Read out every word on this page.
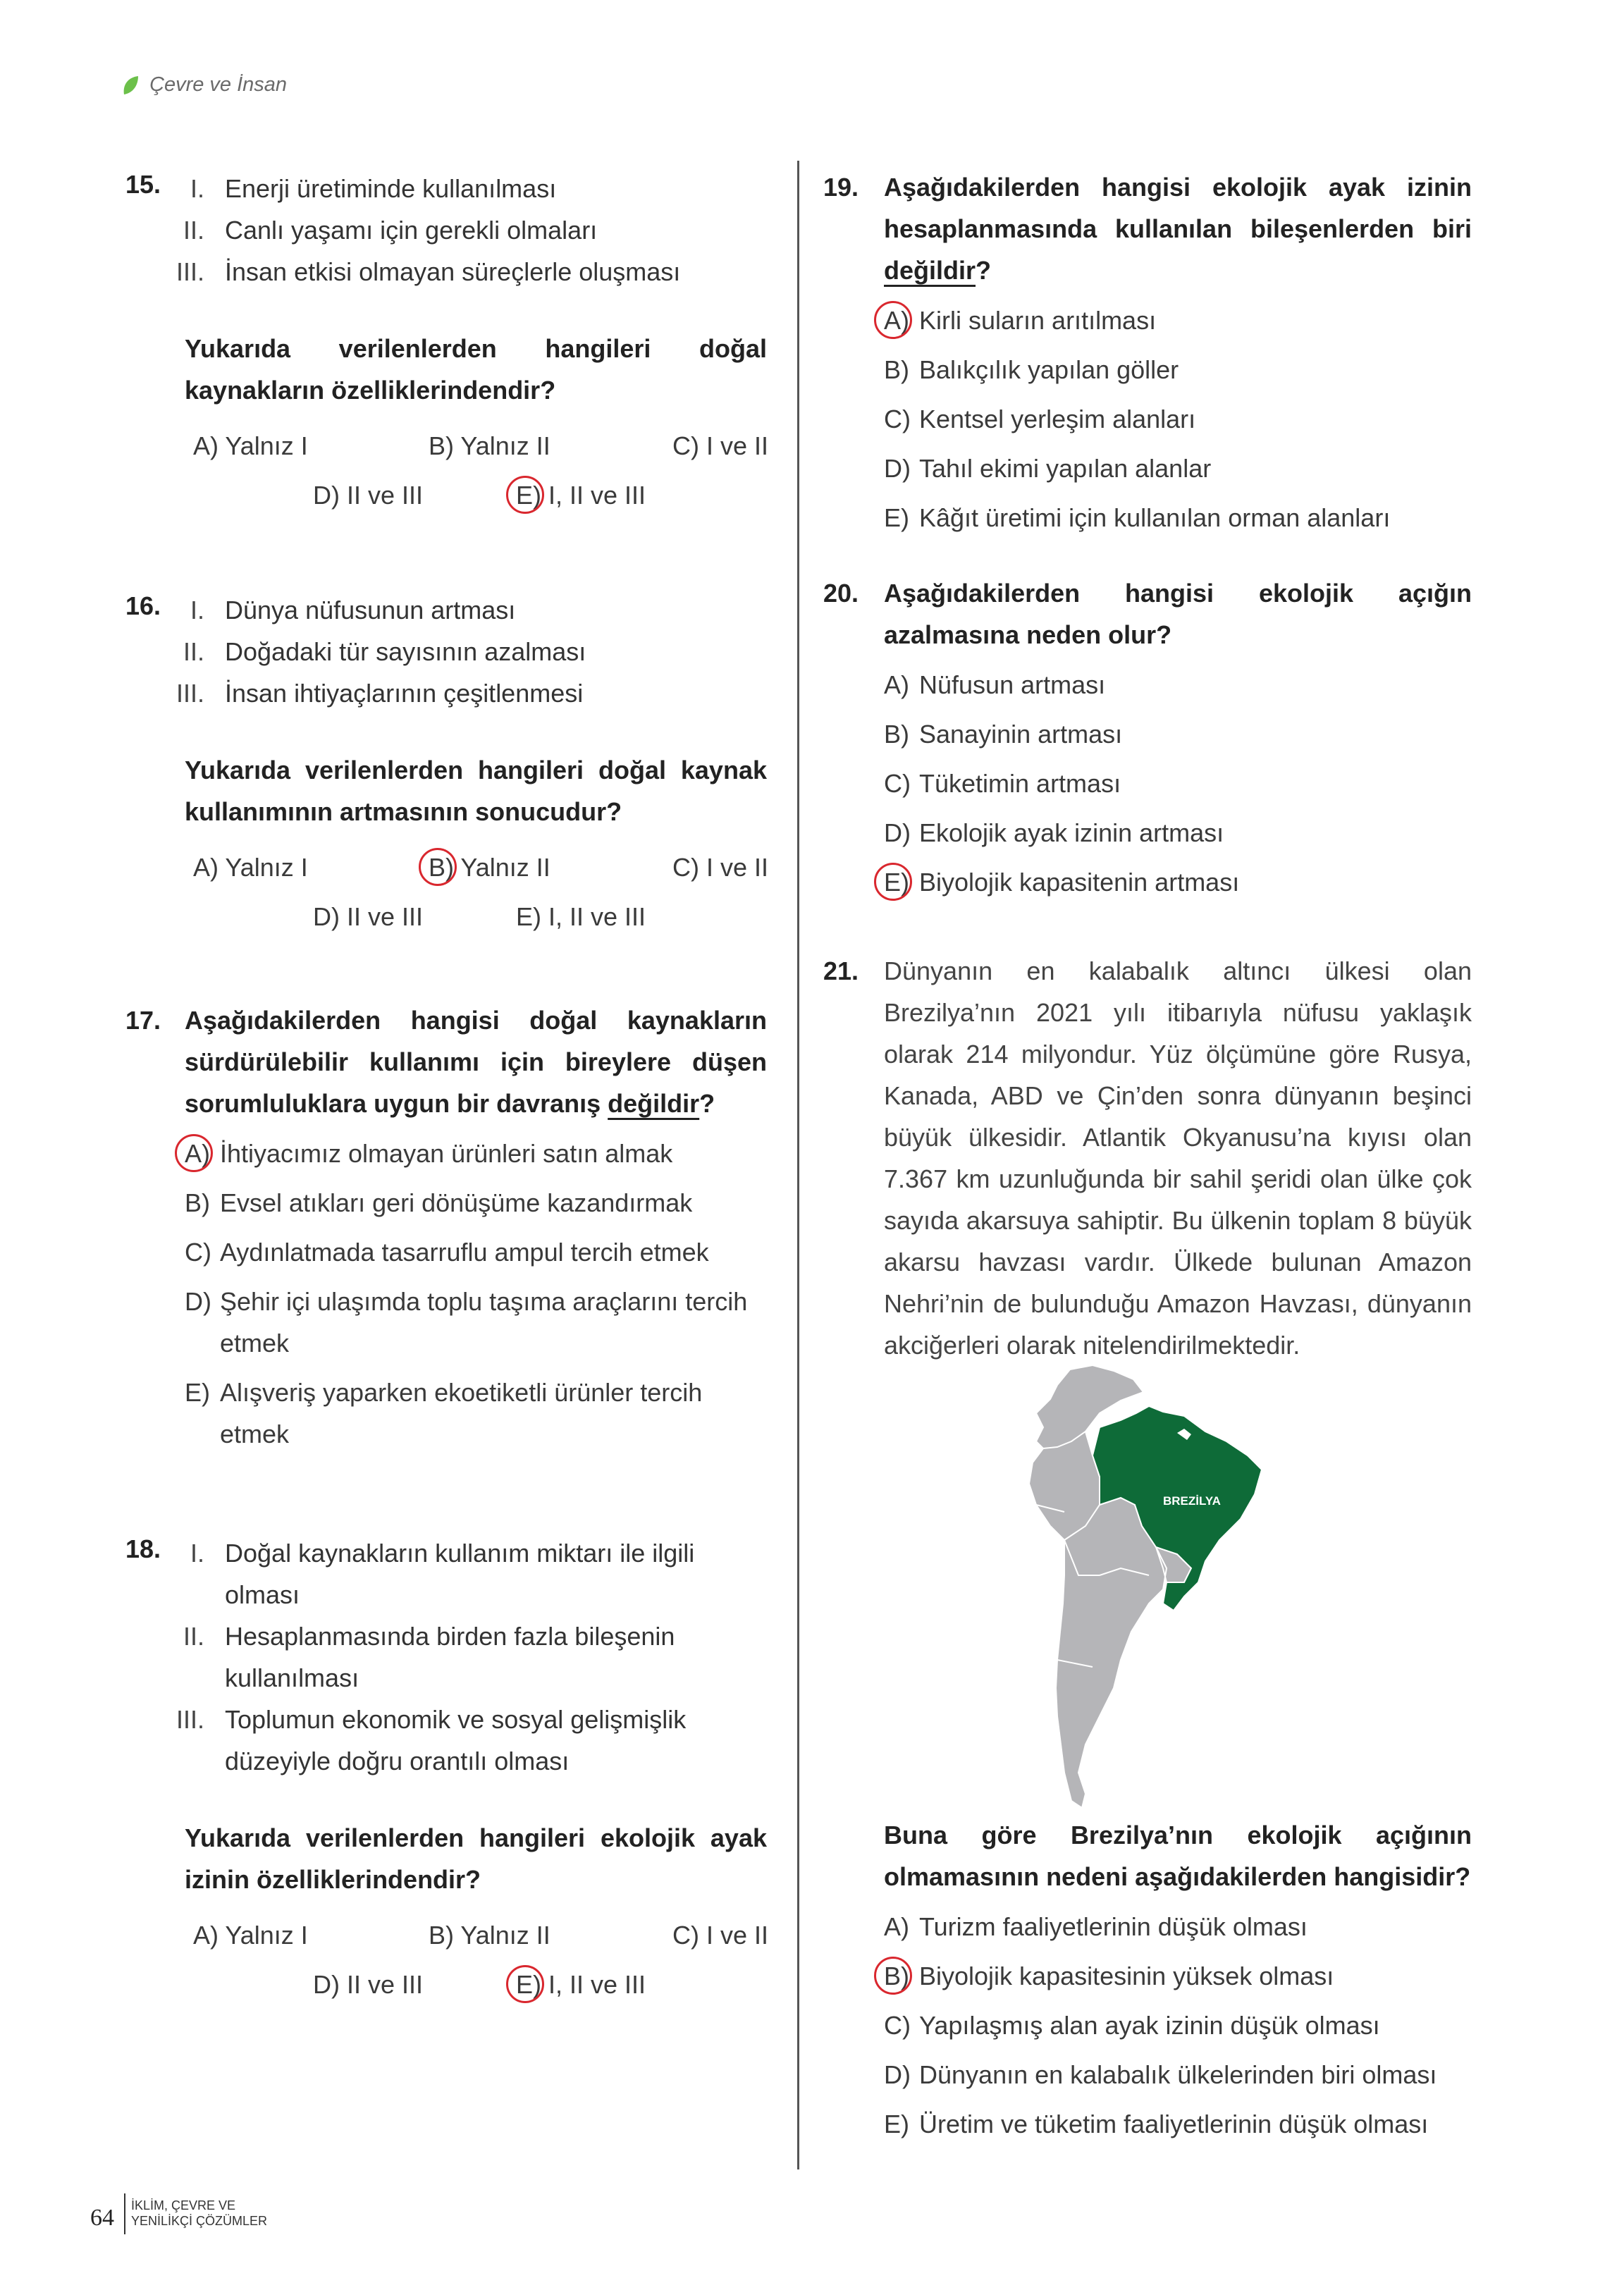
Çevre ve İnsan
15.	I. Enerji üretiminde kullanılması
II. Canlı yaşamı için gerekli olmaları
III. İnsan etkisi olmayan süreçlerle oluşması
Yukarıda verilenlerden hangileri doğal kaynakların özelliklerindendir?
A) Yalnız I	B) Yalnız II	C) I ve II
D) II ve III	E) I, II ve III
16.	I. Dünya nüfusunun artması
II. Doğadaki tür sayısının azalması
III. İnsan ihtiyaçlarının çeşitlenmesi
Yukarıda verilenlerden hangileri doğal kaynak kullanımının artmasının sonucudur?
A) Yalnız I	B) Yalnız II	C) I ve II
D) II ve III	E) I, II ve III
17. Aşağıdakilerden hangisi doğal kaynakların sürdürülebilir kullanımı için bireylere düşen sorumluluklara uygun bir davranış değildir?
A) İhtiyacımız olmayan ürünleri satın almak
B) Evsel atıkları geri dönüşüme kazandırmak
C) Aydınlatmada tasarruflu ampul tercih etmek
D) Şehir içi ulaşımda toplu taşıma araçlarını tercih etmek
E) Alışveriş yaparken ekoetiketli ürünler tercih etmek
18.	I. Doğal kaynakların kullanım miktarı ile ilgili olması
II. Hesaplanmasında birden fazla bileşenin kullanılması
III. Toplumun ekonomik ve sosyal gelişmişlik düzeyiyle doğru orantılı olması
Yukarıda verilenlerden hangileri ekolojik ayak izinin özelliklerindendir?
A) Yalnız I	B) Yalnız II	C) I ve II
D) II ve III	E) I, II ve III
19. Aşağıdakilerden hangisi ekolojik ayak izinin hesaplanmasında kullanılan bileşenlerden biri değildir?
A) Kirli suların arıtılması
B) Balıkçılık yapılan göller
C) Kentsel yerleşim alanları
D) Tahıl ekimi yapılan alanlar
E) Kâğıt üretimi için kullanılan orman alanları
20. Aşağıdakilerden hangisi ekolojik açığın azalmasına neden olur?
A) Nüfusun artması
B) Sanayinin artması
C) Tüketimin artması
D) Ekolojik ayak izinin artması
E) Biyolojik kapasitenin artması
21. Dünyanın en kalabalık altıncı ülkesi olan Brezilya’nın 2021 yılı itibarıyla nüfusu yaklaşık olarak 214 milyondur. Yüz ölçümüne göre Rusya, Kanada, ABD ve Çin’den sonra dünyanın beşinci büyük ülkesidir. Atlantik Okyanusu’na kıyısı olan 7.367 km uzunluğunda bir sahil şeridi olan ülke çok sayıda akarsuya sahiptir. Bu ülkenin toplam 8 büyük akarsu havzası vardır. Ülkede bulunan Amazon Nehri’nin de bulunduğu Amazon Havzası, dünyanın akciğerleri olarak nitelendirilmektedir.
BREZİLYA
Buna göre Brezilya’nın ekolojik açığının olmamasının nedeni aşağıdakilerden hangisidir?
A) Turizm faaliyetlerinin düşük olması
B) Biyolojik kapasitesinin yüksek olması
C) Yapılaşmış alan ayak izinin düşük olması
D) Dünyanın en kalabalık ülkelerinden biri olması
E) Üretim ve tüketim faaliyetlerinin düşük olması
64 İKLİM, ÇEVRE VE
YENİLİKÇİ ÇÖZÜMLER
